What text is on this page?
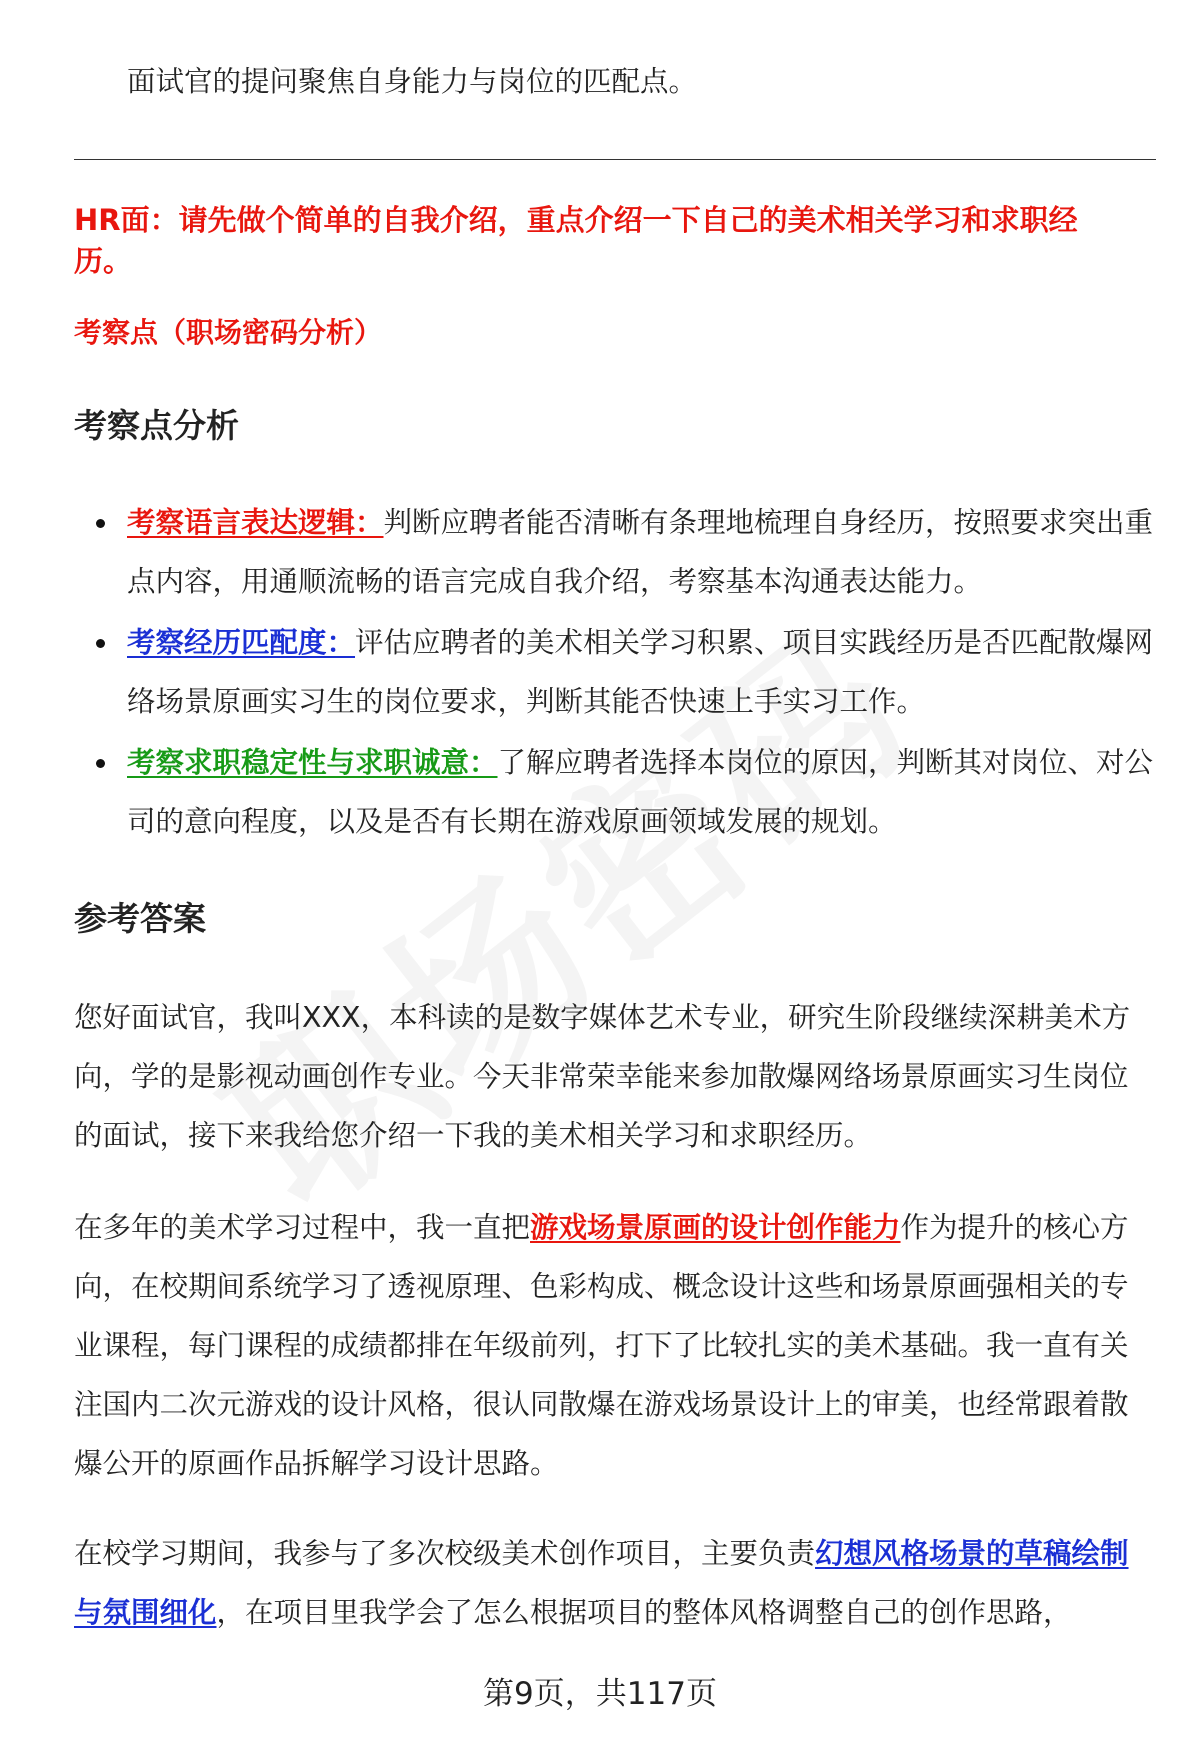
面试官的提问聚焦自身能力与岗位的匹配点。
HR面：请先做个简单的自我介绍，重点介绍一下自己的美术相关学习和求职经历。
考察点（职场密码分析）
考察点分析
考察语言表达逻辑：判断应聘者能否清晰有条理地梳理自身经历，按照要求突出重点内容，用通顺流畅的语言完成自我介绍，考察基本沟通表达能力。
考察经历匹配度：评估应聘者的美术相关学习积累、项目实践经历是否匹配散爆网络场景原画实习生的岗位要求，判断其能否快速上手实习工作。
考察求职稳定性与求职诚意：了解应聘者选择本岗位的原因，判断其对岗位、对公司的意向程度，以及是否有长期在游戏原画领域发展的规划。
参考答案
您好面试官，我叫XXX，本科读的是数字媒体艺术专业，研究生阶段继续深耕美术方向，学的是影视动画创作专业。今天非常荣幸能来参加散爆网络场景原画实习生岗位的面试，接下来我给您介绍一下我的美术相关学习和求职经历。
在多年的美术学习过程中，我一直把游戏场景原画的设计创作能力作为提升的核心方向，在校期间系统学习了透视原理、色彩构成、概念设计这些和场景原画强相关的专业课程，每门课程的成绩都排在年级前列，打下了比较扎实的美术基础。我一直有关注国内二次元游戏的设计风格，很认同散爆在游戏场景设计上的审美，也经常跟着散爆公开的原画作品拆解学习设计思路。
在校学习期间，我参与了多次校级美术创作项目，主要负责幻想风格场景的草稿绘制与氛围细化，在项目里我学会了怎么根据项目的整体风格调整自己的创作思路，
第9页，共117页
